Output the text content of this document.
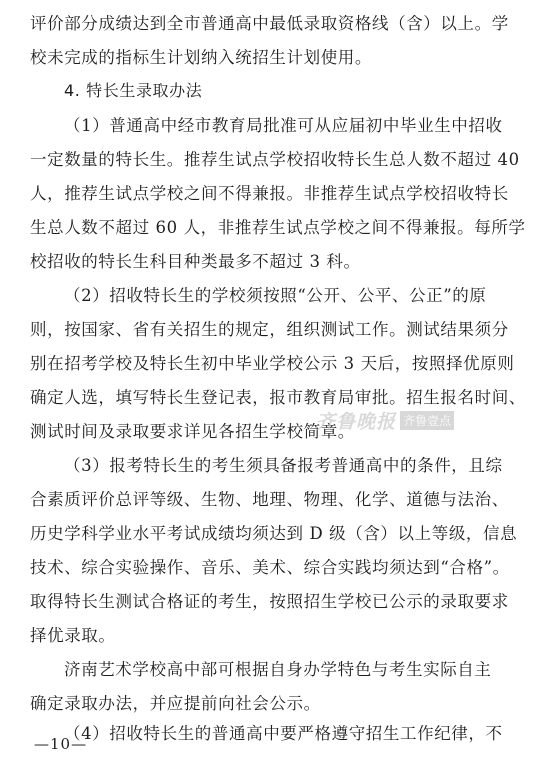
评价部分成绩达到全市普通高中最低录取资格线（含）以上。学
校未完成的指标生计划纳入统招生计划使用。
4. 特长生录取办法
（1）普通高中经市教育局批准可从应届初中毕业生中招收
一定数量的特长生。推荐生试点学校招收特长生总人数不超过 40
人，推荐生试点学校之间不得兼报。非推荐生试点学校招收特长
生总人数不超过 60 人，非推荐生试点学校之间不得兼报。每所学
校招收的特长生科目种类最多不超过 3 科。
（2）招收特长生的学校须按照“公开、公平、公正”的原
则，按国家、省有关招生的规定，组织测试工作。测试结果须分
别在招考学校及特长生初中毕业学校公示 3 天后，按照择优原则
确定人选，填写特长生登记表，报市教育局审批。招生报名时间、
测试时间及录取要求详见各招生学校简章。
（3）报考特长生的考生须具备报考普通高中的条件，且综
合素质评价总评等级、生物、地理、物理、化学、道德与法治、
历史学科学业水平考试成绩均须达到 D 级（含）以上等级，信息
技术、综合实验操作、音乐、美术、综合实践均须达到“合格”。
取得特长生测试合格证的考生，按照招生学校已公示的录取要求
择优录取。
济南艺术学校高中部可根据自身办学特色与考生实际自主
确定录取办法，并应提前向社会公示。
（4）招收特长生的普通高中要严格遵守招生工作纪律，不
齐鲁晚报 齐鲁壹点
—10—
